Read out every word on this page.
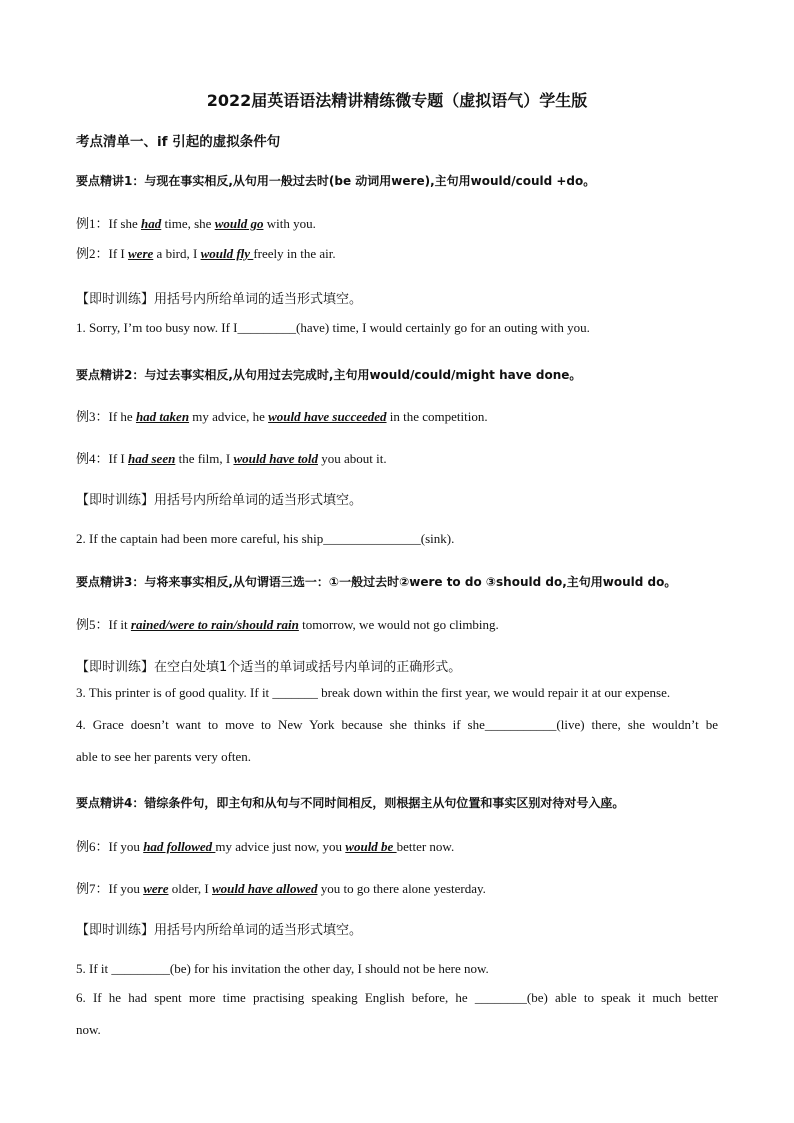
2022届英语语法精讲精练微专题（虚拟语气）学生版
考点清单一、if 引起的虚拟条件句
要点精讲1：与现在事实相反,从句用一般过去时(be 动词用were),主句用would/could +do。
例1：If she had time, she would go with you.
例2：If I were a bird, I would fly freely in the air.
【即时训练】用括号内所给单词的适当形式填空。
1. Sorry, I’m too busy now. If I_________(have) time, I would certainly go for an outing with you.
要点精讲2：与过去事实相反,从句用过去完成时,主句用would/could/might have done。
例3：If he had taken my advice, he would have succeeded in the competition.
例4：If I had seen the film, I would have told you about it.
【即时训练】用括号内所给单词的适当形式填空。
2. If the captain had been more careful, his ship_______________(sink).
要点精讲3：与将来事实相反,从句谓语三选一：①一般过去时②were to do ③should do,主句用would do。
例5：If it rained/were to rain/should rain tomorrow, we would not go climbing.
【即时训练】在空白处填1个适当的单词或括号内单词的正确形式。
3. This printer is of good quality. If it _______ break down within the first year, we would repair it at our expense.
4. Grace doesn’t want to move to New York because she thinks if she___________(live) there, she wouldn’t be
able to see her parents very often.
要点精讲4：错综条件句，即主句和从句与不同时间相反，则根据主从句位置和事实区别对待对号入座。
例6：If you had followed my advice just now, you would be better now.
例7：If you were older, I would have allowed you to go there alone yesterday.
【即时训练】用括号内所给单词的适当形式填空。
5. If it _________(be) for his invitation the other day, I should not be here now.
6. If he had spent more time practising speaking English before, he ________(be) able to speak it much better
now.
